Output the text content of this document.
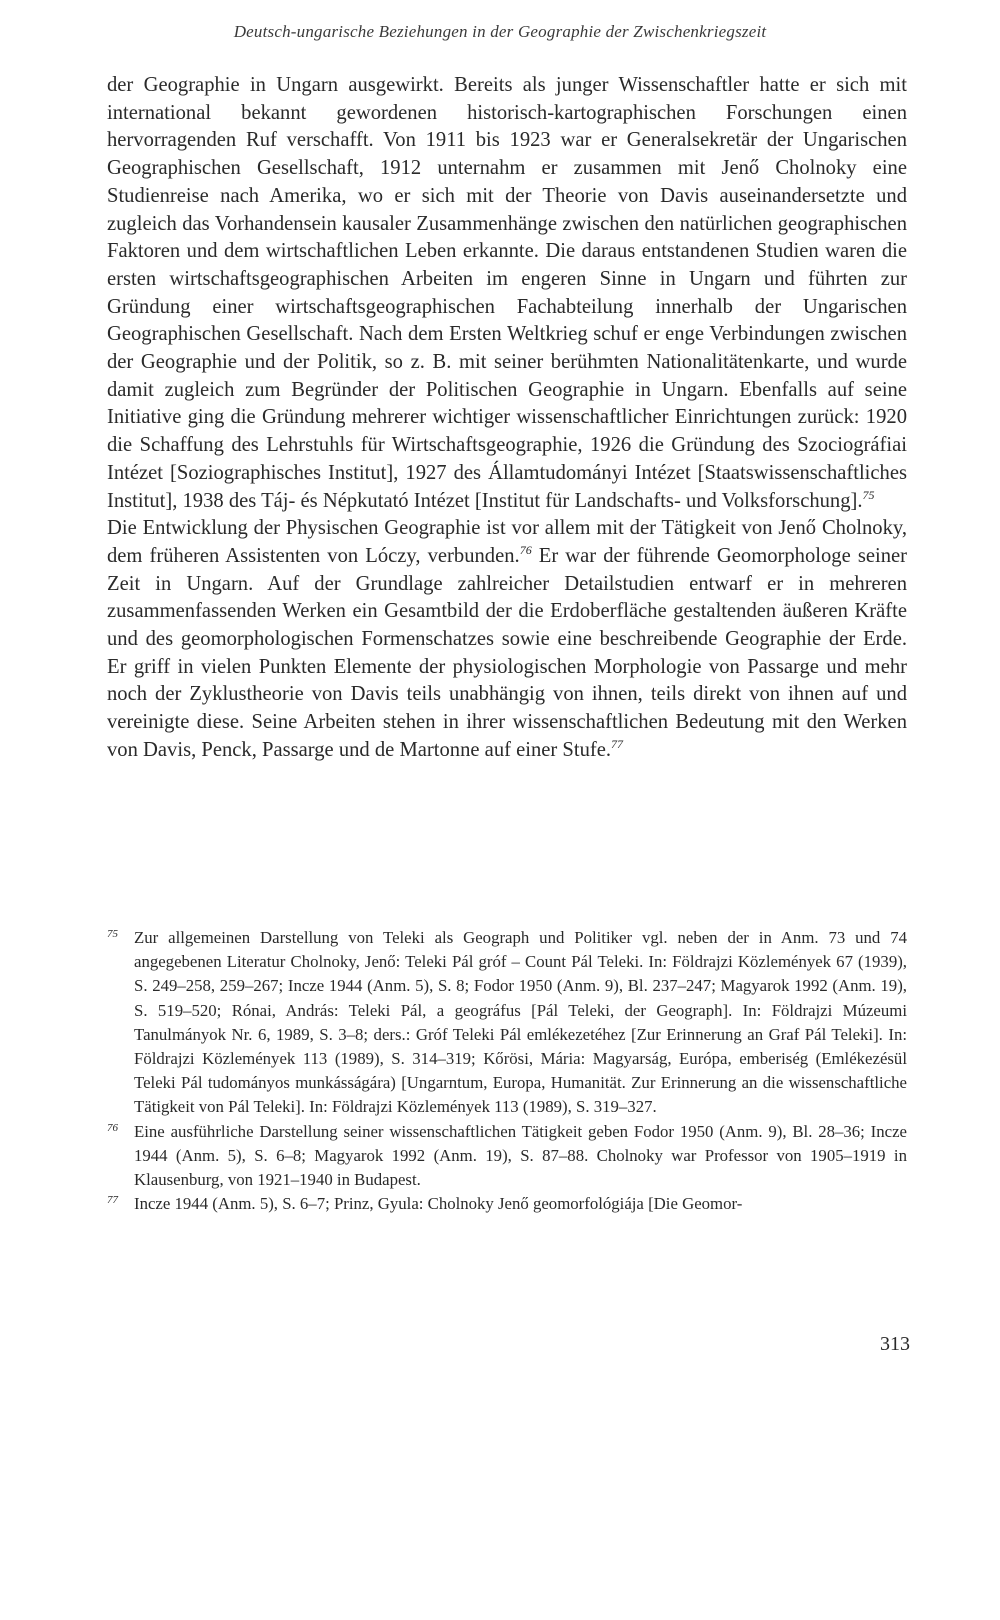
Deutsch-ungarische Beziehungen in der Geographie der Zwischenkriegszeit

der Geographie in Ungarn ausgewirkt. Bereits als junger Wissenschaftler hatte er sich mit international bekannt gewordenen historisch-kartographischen Forschungen einen hervorragenden Ruf verschafft. Von 1911 bis 1923 war er Generalsekretär der Ungarischen Geographischen Gesellschaft, 1912 unternahm er zusammen mit Jenő Cholnoky eine Studienreise nach Amerika, wo er sich mit der Theorie von Davis auseinandersetzte und zugleich das Vorhandensein kausaler Zusammenhänge zwischen den natürlichen geographischen Faktoren und dem wirtschaftlichen Leben erkannte. Die daraus entstandenen Studien waren die ersten wirtschaftsgeographischen Arbeiten im engeren Sinne in Ungarn und führten zur Gründung einer wirtschaftsgeographischen Fachabteilung innerhalb der Ungarischen Geographischen Gesellschaft. Nach dem Ersten Weltkrieg schuf er enge Verbindungen zwischen der Geographie und der Politik, so z. B. mit seiner berühmten Nationalitätenkarte, und wurde damit zugleich zum Begründer der Politischen Geographie in Ungarn. Ebenfalls auf seine Initiative ging die Gründung mehrerer wichtiger wissenschaftlicher Einrichtungen zurück: 1920 die Schaffung des Lehrstuhls für Wirtschaftsgeographie, 1926 die Gründung des Szociográfiai Intézet [Soziographisches Institut], 1927 des Államtudományi Intézet [Staatswissenschaftliches Institut], 1938 des Táj- és Népkutató Intézet [Institut für Landschafts- und Volksforschung].$^{75}$

Die Entwicklung der Physischen Geographie ist vor allem mit der Tätigkeit von Jenő Cholnoky, dem früheren Assistenten von Lóczy, verbunden.$^{76}$ Er war der führende Geomorphologe seiner Zeit in Ungarn. Auf der Grundlage zahlreicher Detailstudien entwarf er in mehreren zusammenfassenden Werken ein Gesamtbild der die Erdoberfläche gestaltenden äußeren Kräfte und des geomorphologischen Formenschatzes sowie eine beschreibende Geographie der Erde. Er griff in vielen Punkten Elemente der physiologischen Morphologie von Passarge und mehr noch der Zyklustheorie von Davis teils unabhängig von ihnen, teils direkt von ihnen auf und vereinigte diese. Seine Arbeiten stehen in ihrer wissenschaftlichen Bedeutung mit den Werken von Davis, Penck, Passarge und de Martonne auf einer Stufe.$^{77}$

75 Zur allgemeinen Darstellung von Teleki als Geograph und Politiker vgl. neben der in Anm. 73 und 74 angegebenen Literatur Cholnoky, Jenő: Teleki Pál gróf – Count Pál Teleki. In: Földrajzi Közlemények 67 (1939), S. 249–258, 259–267; Incze 1944 (Anm. 5), S. 8; Fodor 1950 (Anm. 9), Bl. 237–247; Magyarok 1992 (Anm. 19), S. 519–520; Rónai, András: Teleki Pál, a geográfus [Pál Teleki, der Geograph]. In: Földrajzi Múzeumi Tanulmányok Nr. 6, 1989, S. 3–8; ders.: Gróf Teleki Pál emlékezetéhez [Zur Erinnerung an Graf Pál Teleki]. In: Földrajzi Közlemények 113 (1989), S. 314–319; Kőrösi, Mária: Magyarság, Európa, emberiség (Emlékezésül Teleki Pál tudományos munkásságára) [Ungarntum, Europa, Humanität. Zur Erinnerung an die wissenschaftliche Tätigkeit von Pál Teleki]. In: Földrajzi Közlemények 113 (1989), S. 319–327.

76 Eine ausführliche Darstellung seiner wissenschaftlichen Tätigkeit geben Fodor 1950 (Anm. 9), Bl. 28–36; Incze 1944 (Anm. 5), S. 6–8; Magyarok 1992 (Anm. 19), S. 87–88. Cholnoky war Professor von 1905–1919 in Klausenburg, von 1921–1940 in Budapest.

77 Incze 1944 (Anm. 5), S. 6–7; Prinz, Gyula: Cholnoky Jenő geomorfológiája [Die Geomor-

313
